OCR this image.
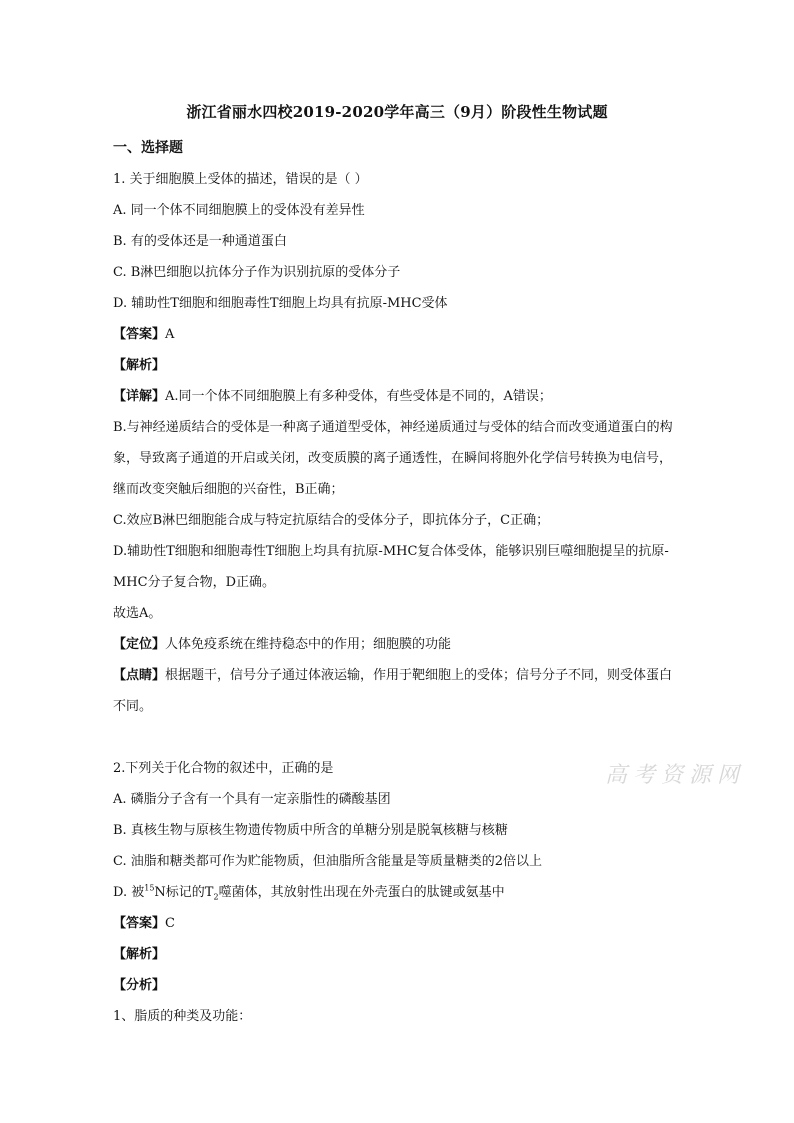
浙江省丽水四校2019-2020学年高三（9月）阶段性生物试题
一、选择题
1. 关于细胞膜上受体的描述，错误的是（ ）
A. 同一个体不同细胞膜上的受体没有差异性
B. 有的受体还是一种通道蛋白
C. B淋巴细胞以抗体分子作为识别抗原的受体分子
D. 辅助性T细胞和细胞毒性T细胞上均具有抗原-MHC受体
【答案】A
【解析】
【详解】A.同一个体不同细胞膜上有多种受体，有些受体是不同的，A错误；
B.与神经递质结合的受体是一种离子通道型受体，神经递质通过与受体的结合而改变通道蛋白的构象，导致离子通道的开启或关闭，改变质膜的离子通透性，在瞬间将胞外化学信号转换为电信号，继而改变突触后细胞的兴奋性，B正确；
C.效应B淋巴细胞能合成与特定抗原结合的受体分子，即抗体分子，C正确；
D.辅助性T细胞和细胞毒性T细胞上均具有抗原-MHC复合体受体，能够识别巨噬细胞提呈的抗原-MHC分子复合物，D正确。
故选A。
【定位】人体免疫系统在维持稳态中的作用；细胞膜的功能
【点睛】根据题干，信号分子通过体液运输，作用于靶细胞上的受体；信号分子不同，则受体蛋白不同。
2.下列关于化合物的叙述中，正确的是
A. 磷脂分子含有一个具有一定亲脂性的磷酸基团
B. 真核生物与原核生物遗传物质中所含的单糖分别是脱氧核糖与核糖
C. 油脂和糖类都可作为贮能物质，但油脂所含能量是等质量糖类的2倍以上
D. 被$^{15}$N标记的$T_2$噬菌体，其放射性出现在外壳蛋白的肽键或氨基中
【答案】C
【解析】
【分析】
1、脂质的种类及功能：
高考资源网
